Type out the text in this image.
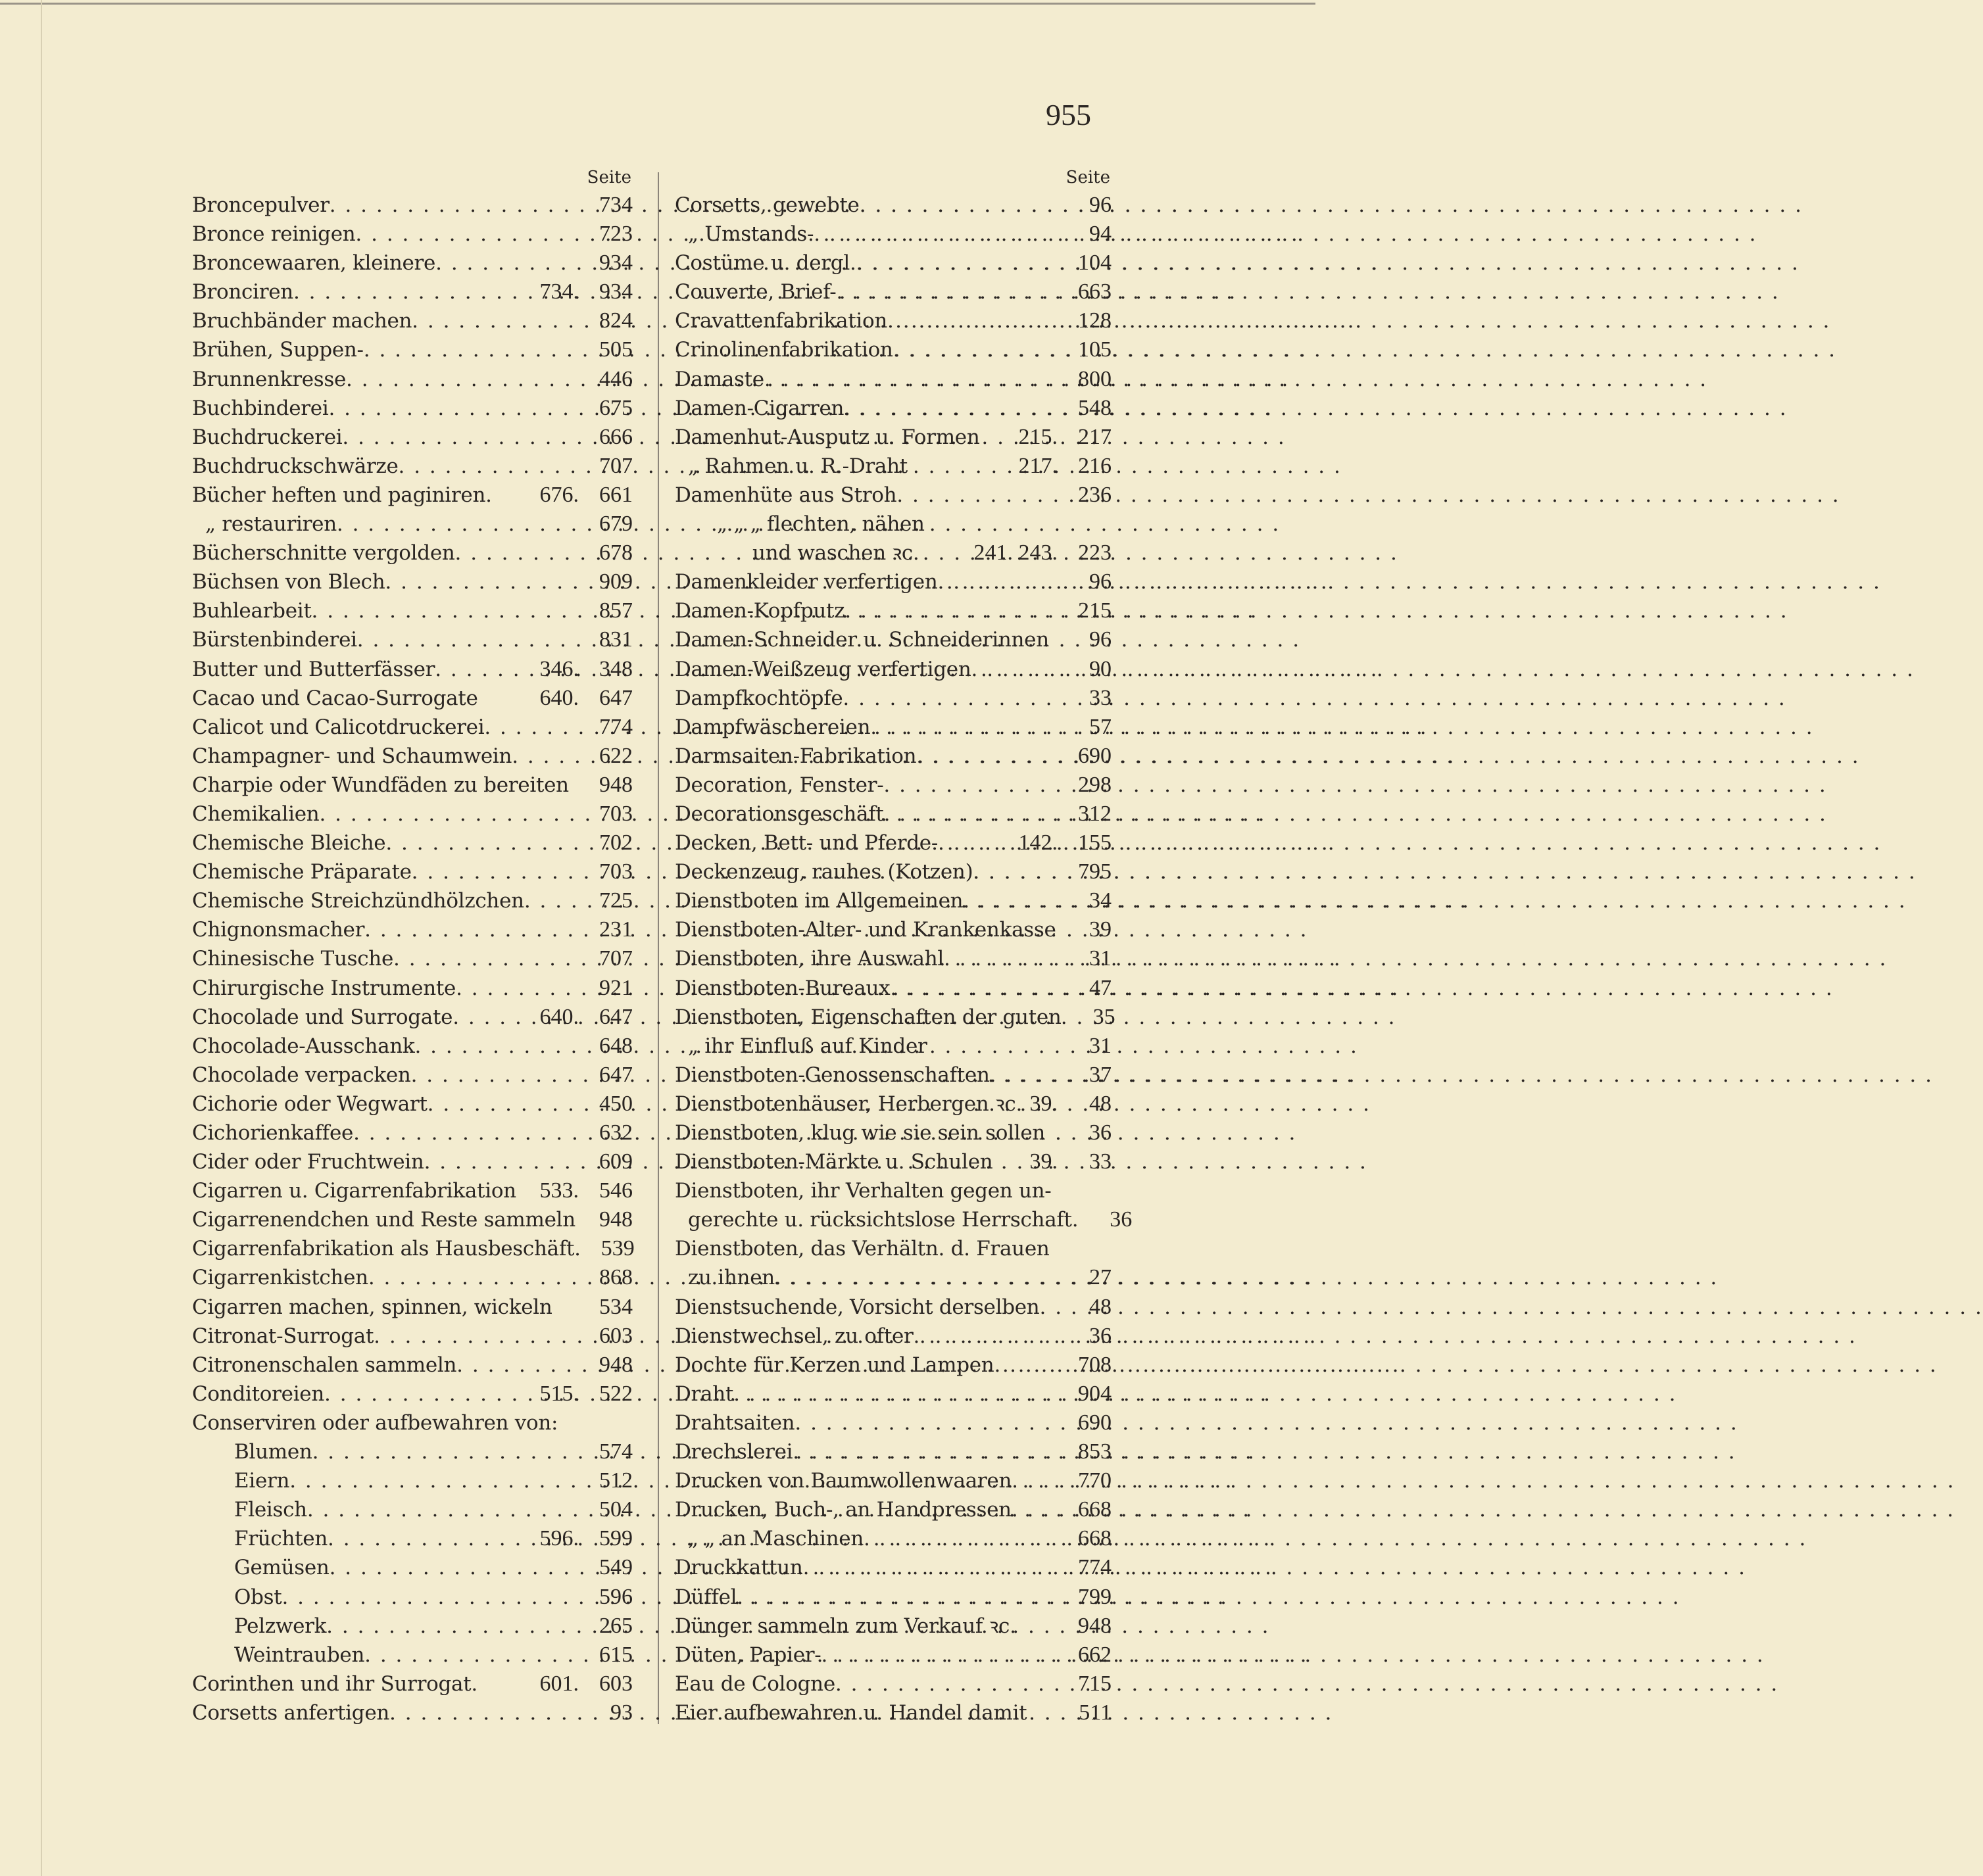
955
Seite
Broncepulver . . .	734
Bronce reinigen . . .	723
Broncewaaren, kleinere . . .	934
Bronciren . . .	734. 934
Bruchbänder machen . . .	824
Brühen, Suppen- . . .	505
Brunnenkresse . . .	446
Buchbinderei . . .	675
Buchdruckerei . . .	666
Buchdruckschwärze . . .	707
Bücher heften und paginiren. 676. 661
„ restauriren . . .	679
Bücherschnitte vergolden . . .	678
Büchsen von Blech . . .	909
Buhlearbeit . . .	857
Bürstenbinderei . . .	831
Butter und Butterfässer . . .	346. 348
Cacao und Cacao-Surrogate	640. 647
Calicot und Calicotdruckerei . . .	774
Champagner- und Schaumwein . . .	622
Charpie oder Wundfäden zu bereiten	948
Chemikalien . . .	703
Chemische Bleiche . . .	702
Chemische Präparate . . .	703
Chemische Streichzündhölzchen . . .	725
Chignonsmacher . . .	231
Chinesische Tusche . . .	707
Chirurgische Instrumente . . .	921
Chocolade und Surrogate . . .	640. 647
Chocolade-Ausschank . . .	648
Chocolade verpacken . . .	647
Cichorie oder Wegwart . . .	450
Cichorienkaffee . . .	632
Cider oder Fruchtwein . . .	609
Cigarren u. Cigarrenfabrikation 533. 546
Cigarrenendchen und Reste sammeln	948
Cigarrenfabrikation als Hausbeschäft. 539
Cigarrenkistchen . . .	868
Cigarren machen, spinnen, wickeln	534
Citronat-Surrogat . . .	603
Citronenschalen sammeln . . .	948
Conditoreien . . .	515. 522
Conserviren oder aufbewahren von:
Blumen . . .	574
Eiern . . .	512
Fleisch . . .	504
Früchten . . .	596. 599
Gemüsen . . .	549
Obst . . .	596
Pelzwerk . . .	265
Weintrauben . . .	615
Corinthen und ihr Surrogat.	601. 603
Corsetts anfertigen . . .	93
Seite
Corsetts, gewebte . . .	96
„ Umstands- . . .	94
Costüme u. dergl. . . .	104
Couverte, Brief- . . .	663
Cravattenfabrikation . . .	128
Crinolinenfabrikation . . .	105
Damaste . . .	800
Damen-Cigarren . . .	548
Damenhut-Ausputz u. Formen 215. 217
„ Rahmen u. R.-Draht	217. 216
Damenhüte aus Stroh . . .	236
„ „ „ flechten, nähen
und waschen ꝛc. 241. 243. 223
Damenkleider verfertigen . . .	96
Damen-Kopfputz . . .	215
Damen-Schneider u. Schneiderinnen	96
Damen-Weißzeug verfertigen . . .	90
Dampfkochtöpfe . . .	33
Dampfwäschereien . . .	57
Darmsaiten-Fabrikation . . .	690
Decoration, Fenster- . . .	298
Decorationsgeschäft . . .	312
Decken, Bett- und Pferde- . . .	142. 155
Deckenzeug, rauhes (Kotzen) . . .	795
Dienstboten im Allgemeinen . . .	34
Dienstboten-Alter- und Krankenkasse	39
Dienstboten, ihre Auswahl . . .	31
Dienstboten-Bureaux . . .	47
Dienstboten, Eigenschaften der guten	35
„ ihr Einfluß auf Kinder	31
Dienstboten-Genossenschaften . . .	37
Dienstbotenhäuser, Herbergen ꝛc. 39.	48
Dienstboten, klug wie sie sein sollen	36
Dienstboten-Märkte u. Schulen 39.	33
Dienstboten, ihr Verhalten gegen un-
gerechte u. rücksichtslose Herrschaft.	36
Dienstboten, das Verhältn. d. Frauen
zu ihnen . . .	27
Dienstsuchende, Vorsicht derselben . . .	48
Dienstwechsel, zu ofter . . .	36
Dochte für Kerzen und Lampen . . .	708
Draht . . .	904
Drahtsaiten . . .	690
Drechslerei . . .	853
Drucken von Baumwollenwaaren . . .	770
Drucken, Buch-, an Handpressen . . .	668
„ „ an Maschinen . . .	668
Druckkattun . . .	774
Düffel . . .	799
Dünger sammeln zum Verkauf ꝛc.	948
Düten, Papier- . . .	662
Eau de Cologne . . .	715
Eier aufbewahren u. Handel damit	511
